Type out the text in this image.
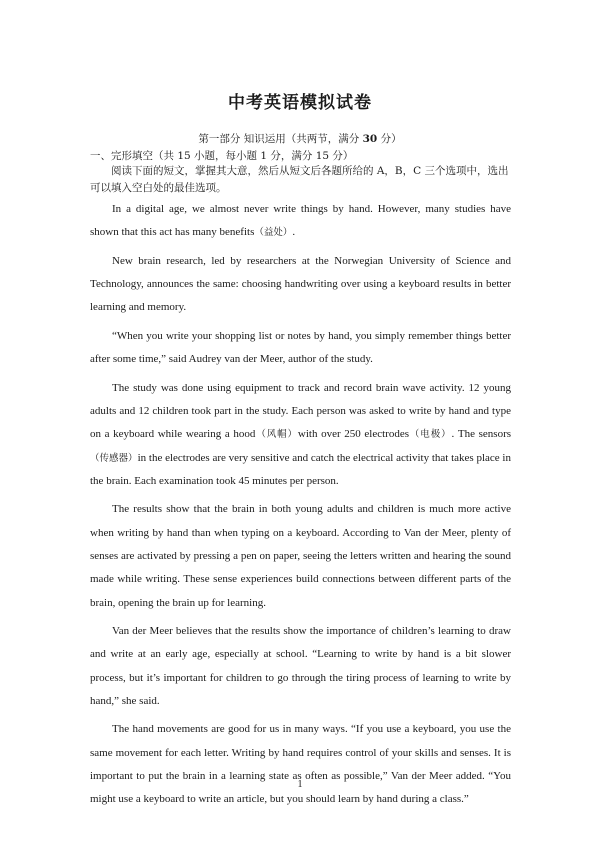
中考英语模拟试卷
第一部分 知识运用（共两节，满分 30 分）
一、完形填空（共 15 小题，每小题 1 分，满分 15 分）

阅读下面的短文，掌握其大意，然后从短文后各题所给的 A，B，C 三个选项中，选出可以填入空白处的最佳选项。

In a digital age, we almost never write things by hand. However, many studies have shown that this act has many benefits（益处）.

New brain research, led by researchers at the Norwegian University of Science and Technology, announces the same: choosing handwriting over using a keyboard results in better learning and memory.

“When you write your shopping list or notes by hand, you simply remember things better after some time,” said Audrey van der Meer, author of the study.

The study was done using equipment to track and record brain wave activity. 12 young adults and 12 children took part in the study. Each person was asked to write by hand and type on a keyboard while wearing a hood（风帽）with over 250 electrodes（电极）. The sensors（传感器）in the electrodes are very sensitive and catch the electrical activity that takes place in the brain. Each examination took 45 minutes per person.

The results show that the brain in both young adults and children is much more active when writing by hand than when typing on a keyboard. According to Van der Meer, plenty of senses are activated by pressing a pen on paper, seeing the letters written and hearing the sound made while writing. These sense experiences build connections between different parts of the brain, opening the brain up for learning.

Van der Meer believes that the results show the importance of children’s learning to draw and write at an early age, especially at school. “Learning to write by hand is a bit slower process, but it’s important for children to go through the tiring process of learning to write by hand,” she said.

The hand movements are good for us in many ways. “If you use a keyboard, you use the same movement for each letter. Writing by hand requires control of your skills and senses. It is important to put the brain in a learning state as often as possible,” Van der Meer added. “You might use a keyboard to write an article, but you should learn by hand during a class.”

1
